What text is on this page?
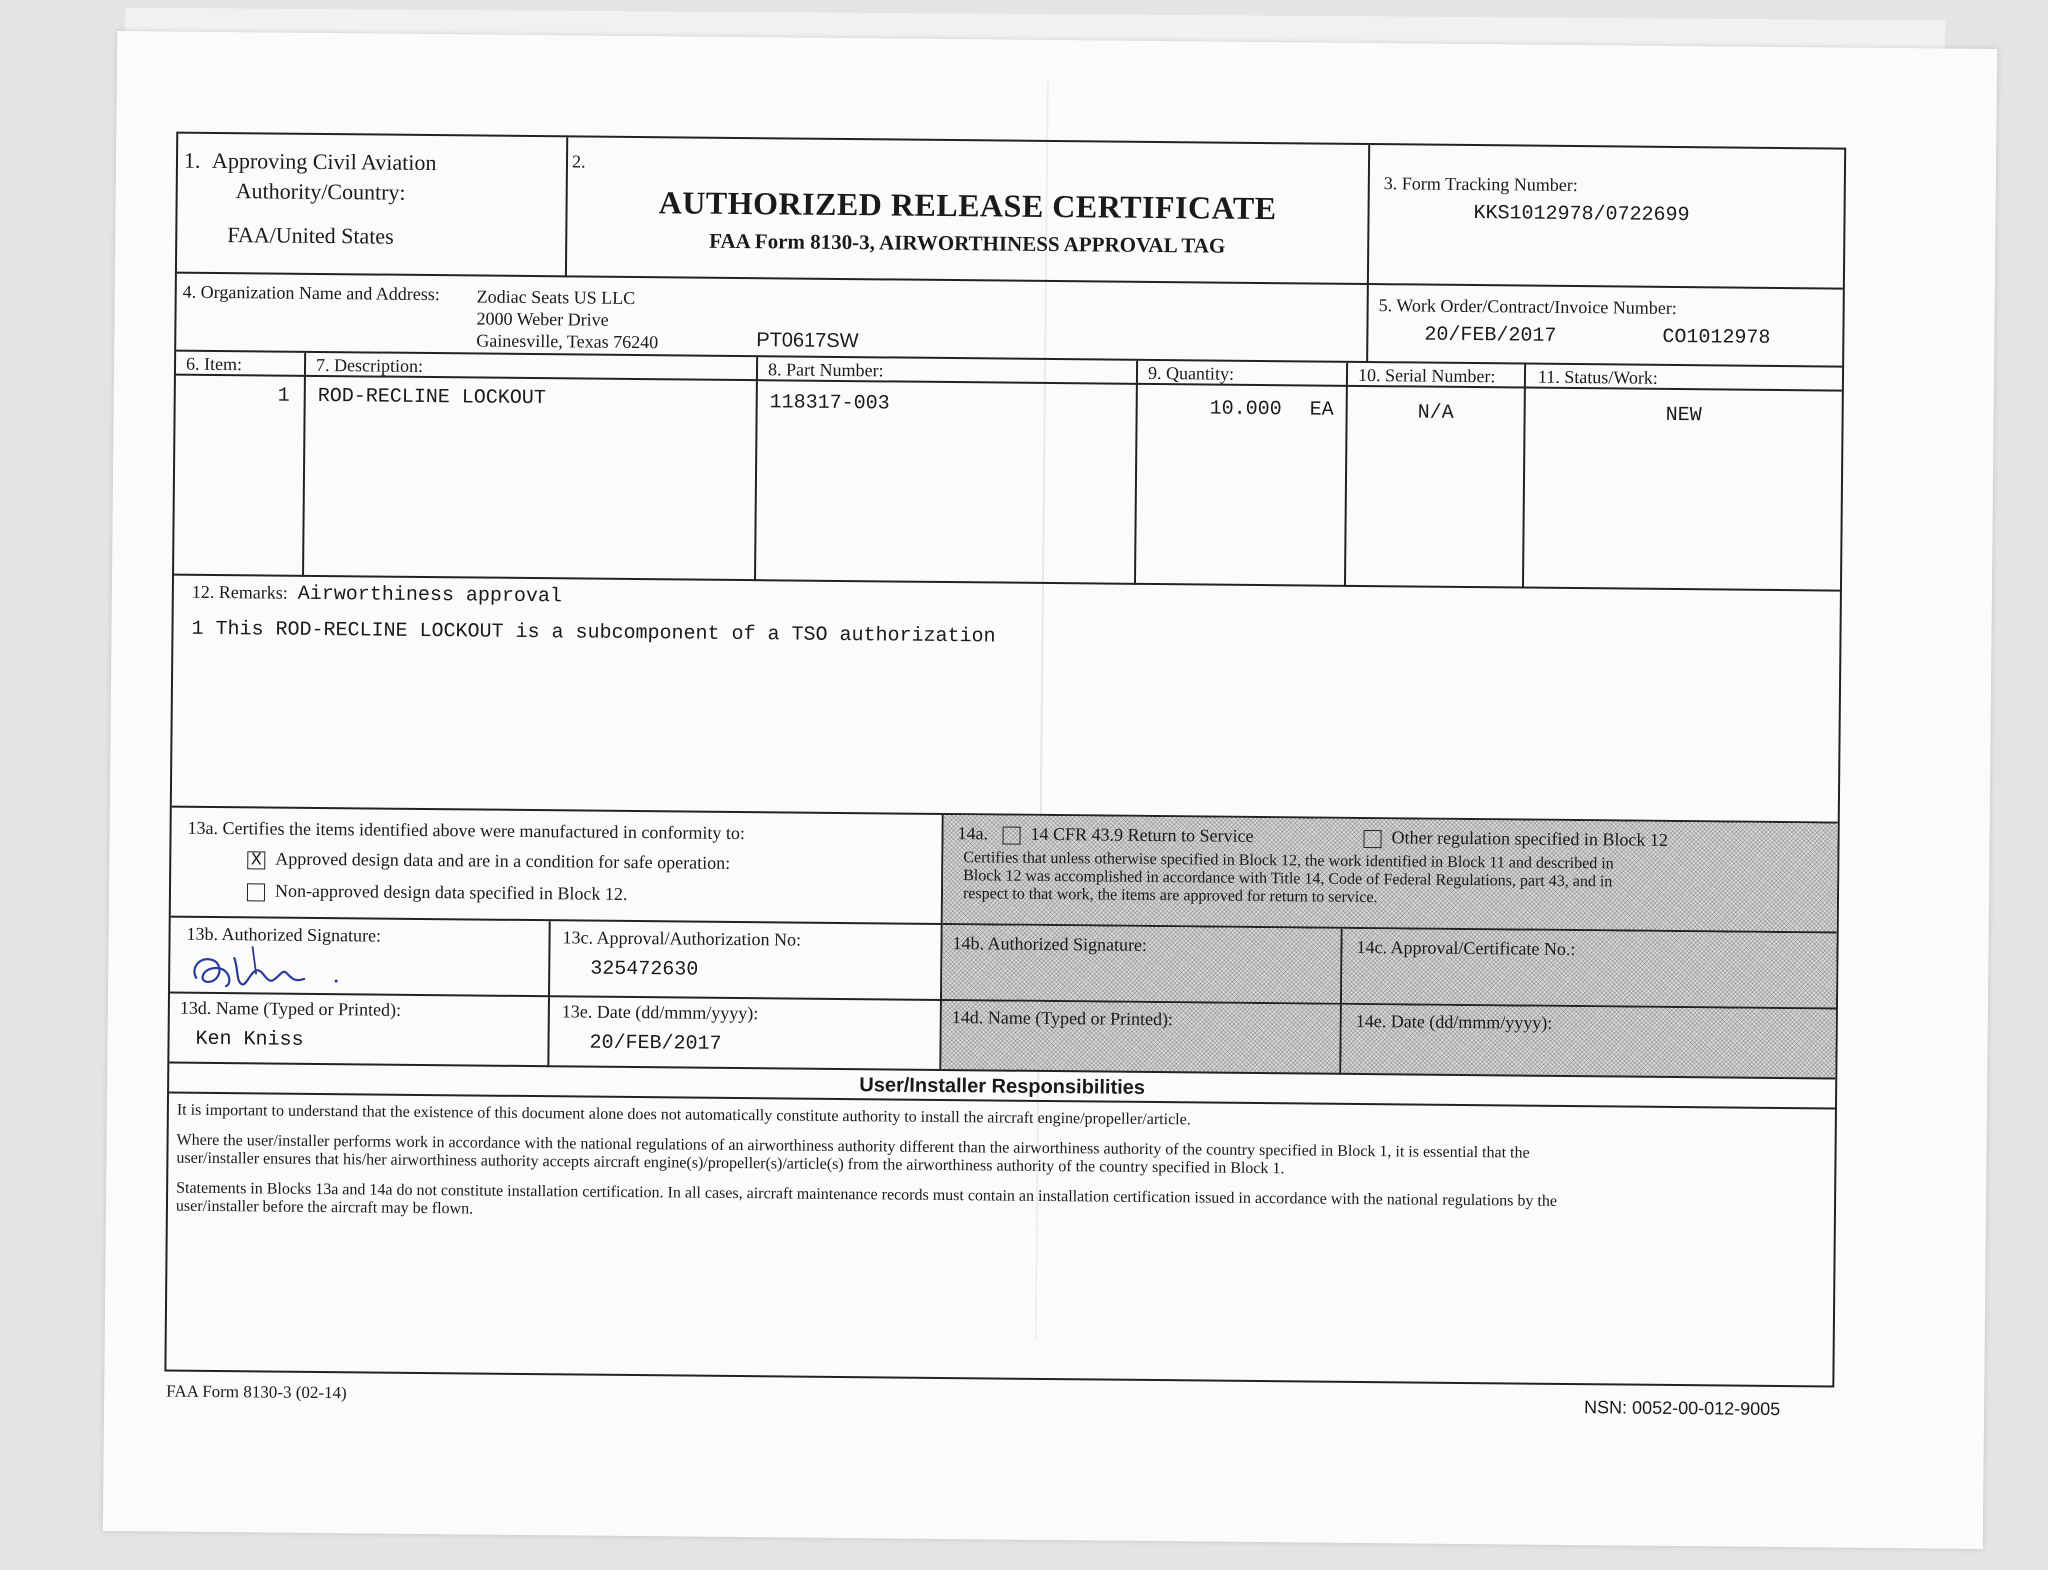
1. Approving Civil Aviation
Authority/Country:
FAA/United States
2.
AUTHORIZED RELEASE CERTIFICATE
FAA Form 8130-3, AIRWORTHINESS APPROVAL TAG
3. Form Tracking Number:
KKS1012978/0722699
4. Organization Name and Address: Zodiac Seats US LLC
2000 Weber Drive
Gainesville, Texas 76240	PT0617SW
5. Work Order/Contract/Invoice Number:
20/FEB/2017	CO1012978
6. Item:	7. Description:	8. Part Number:	9. Quantity:	10. Serial Number:	11. Status/Work:
1 ROD-RECLINE LOCKOUT	118317-003	10.000 EA	N/A	NEW
12. Remarks: Airworthiness approval
1 This ROD-RECLINE LOCKOUT is a subcomponent of a TSO authorization
13a. Certifies the items identified above were manufactured in conformity to:
X Approved design data and are in a condition for safe operation:
Non-approved design data specified in Block 12.
14a. 14 CFR 43.9 Return to Service	Other regulation specified in Block 12
Certifies that unless otherwise specified in Block 12, the work identified in Block 11 and described in Block 12 was accomplished in accordance with Title 14, Code of Federal Regulations, part 43, and in respect to that work, the items are approved for return to service.
13b. Authorized Signature:	13c. Approval/Authorization No:
325472630
14b. Authorized Signature:	14c. Approval/Certificate No.:
13d. Name (Typed or Printed):
Ken Kniss
13e. Date (dd/mmm/yyyy):
20/FEB/2017
14d. Name (Typed or Printed):	14e. Date (dd/mmm/yyyy):
User/Installer Responsibilities
It is important to understand that the existence of this document alone does not automatically constitute authority to install the aircraft engine/propeller/article.
Where the user/installer performs work in accordance with the national regulations of an airworthiness authority different than the airworthiness authority of the country specified in Block 1, it is essential that the user/installer ensures that his/her airworthiness authority accepts aircraft engine(s)/propeller(s)/article(s) from the airworthiness authority of the country specified in Block 1.
Statements in Blocks 13a and 14a do not constitute installation certification. In all cases, aircraft maintenance records must contain an installation certification issued in accordance with the national regulations by the user/installer before the aircraft may be flown.
FAA Form 8130-3 (02-14)
NSN: 0052-00-012-9005
